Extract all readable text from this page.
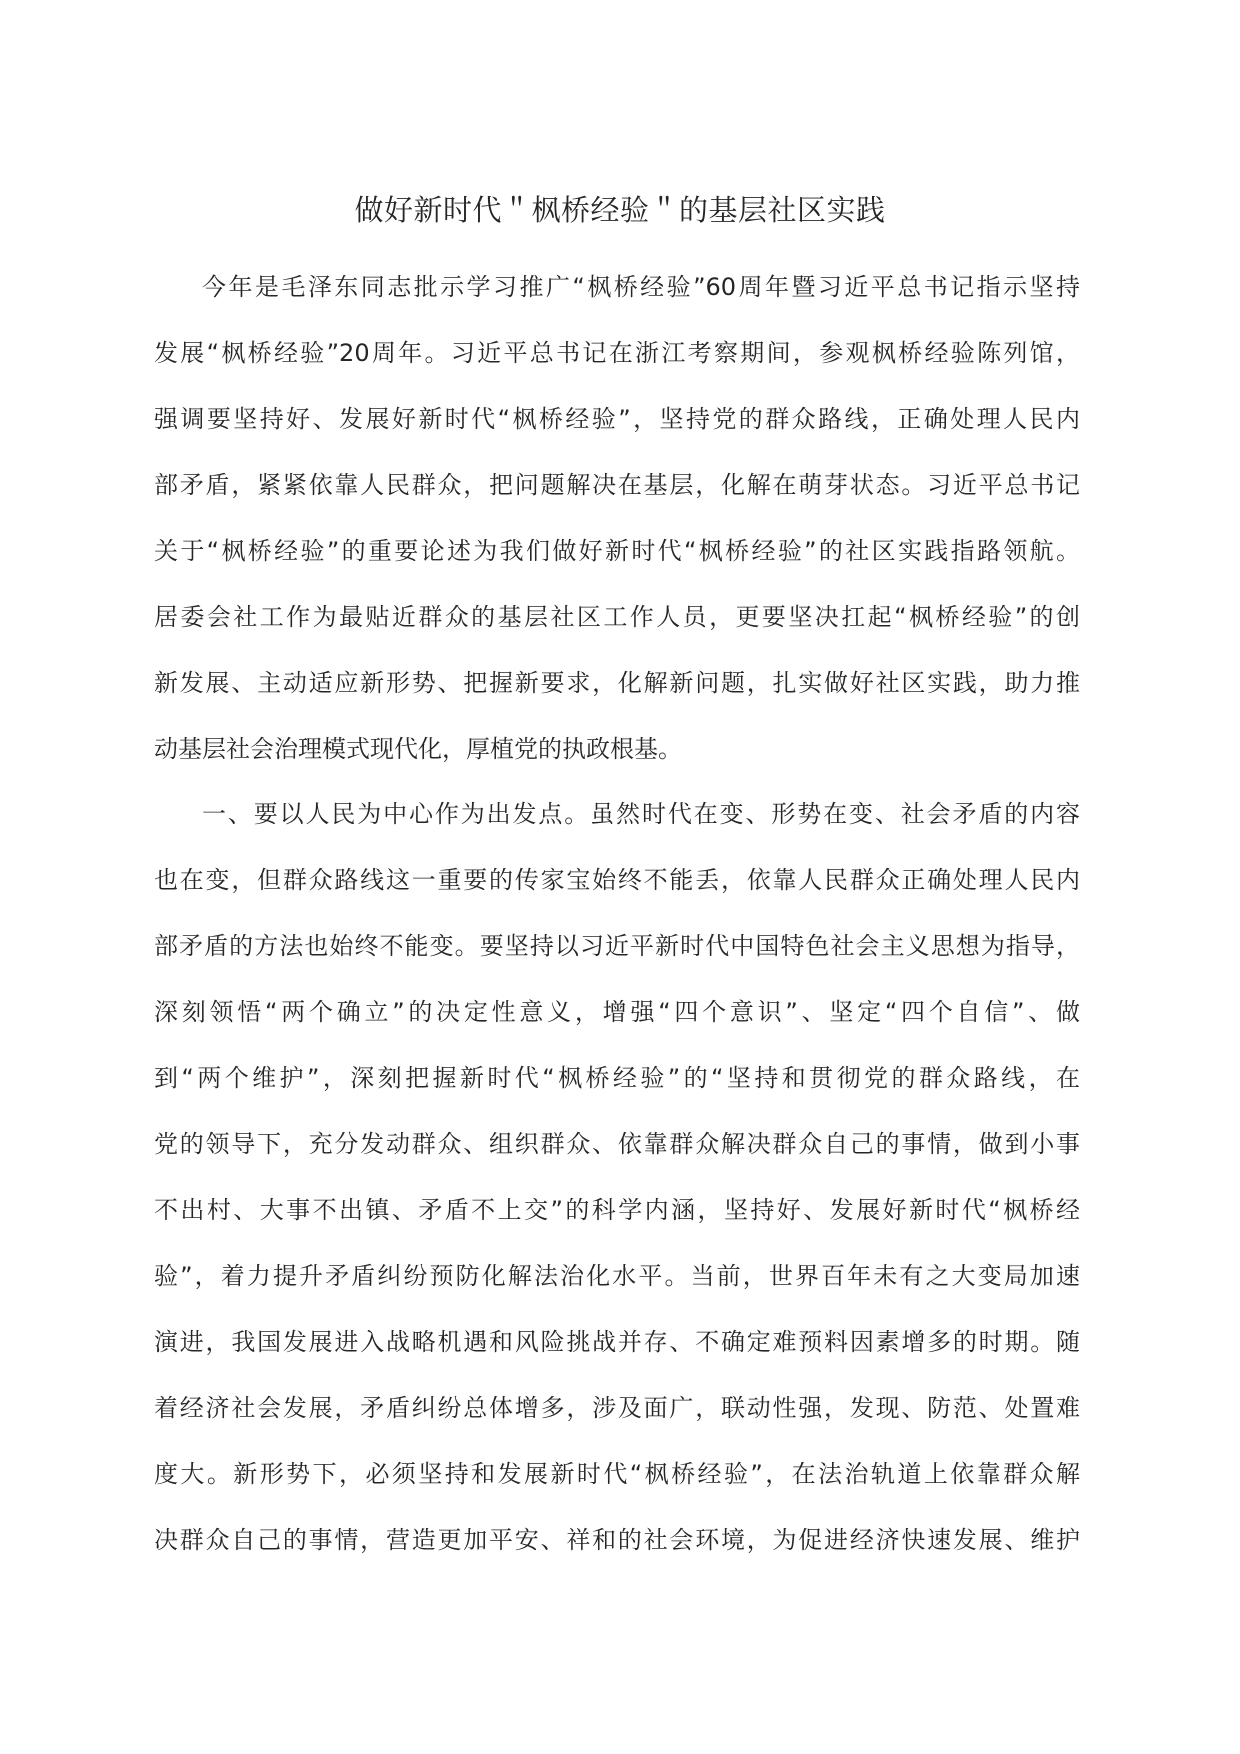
做好新时代＂枫桥经验＂的基层社区实践
今年是毛泽东同志批示学习推广“枫桥经验”60周年暨习近平总书记指示坚持
发展“枫桥经验”20周年。习近平总书记在浙江考察期间，参观枫桥经验陈列馆，
强调要坚持好、发展好新时代“枫桥经验”，坚持党的群众路线，正确处理人民内
部矛盾，紧紧依靠人民群众，把问题解决在基层，化解在萌芽状态。习近平总书记
关于“枫桥经验”的重要论述为我们做好新时代“枫桥经验”的社区实践指路领航。
居委会社工作为最贴近群众的基层社区工作人员，更要坚决扛起“枫桥经验”的创
新发展、主动适应新形势、把握新要求，化解新问题，扎实做好社区实践，助力推
动基层社会治理模式现代化，厚植党的执政根基。
一、要以人民为中心作为出发点。虽然时代在变、形势在变、社会矛盾的内容
也在变，但群众路线这一重要的传家宝始终不能丢，依靠人民群众正确处理人民内
部矛盾的方法也始终不能变。要坚持以习近平新时代中国特色社会主义思想为指导，
深刻领悟“两个确立”的决定性意义，增强“四个意识”、坚定“四个自信”、做
到“两个维护”，深刻把握新时代“枫桥经验”的“坚持和贯彻党的群众路线，在
党的领导下，充分发动群众、组织群众、依靠群众解决群众自己的事情，做到小事
不出村、大事不出镇、矛盾不上交”的科学内涵，坚持好、发展好新时代“枫桥经
验”，着力提升矛盾纠纷预防化解法治化水平。当前，世界百年未有之大变局加速
演进，我国发展进入战略机遇和风险挑战并存、不确定难预料因素增多的时期。随
着经济社会发展，矛盾纠纷总体增多，涉及面广，联动性强，发现、防范、处置难
度大。新形势下，必须坚持和发展新时代“枫桥经验”，在法治轨道上依靠群众解
决群众自己的事情，营造更加平安、祥和的社会环境，为促进经济快速发展、维护
